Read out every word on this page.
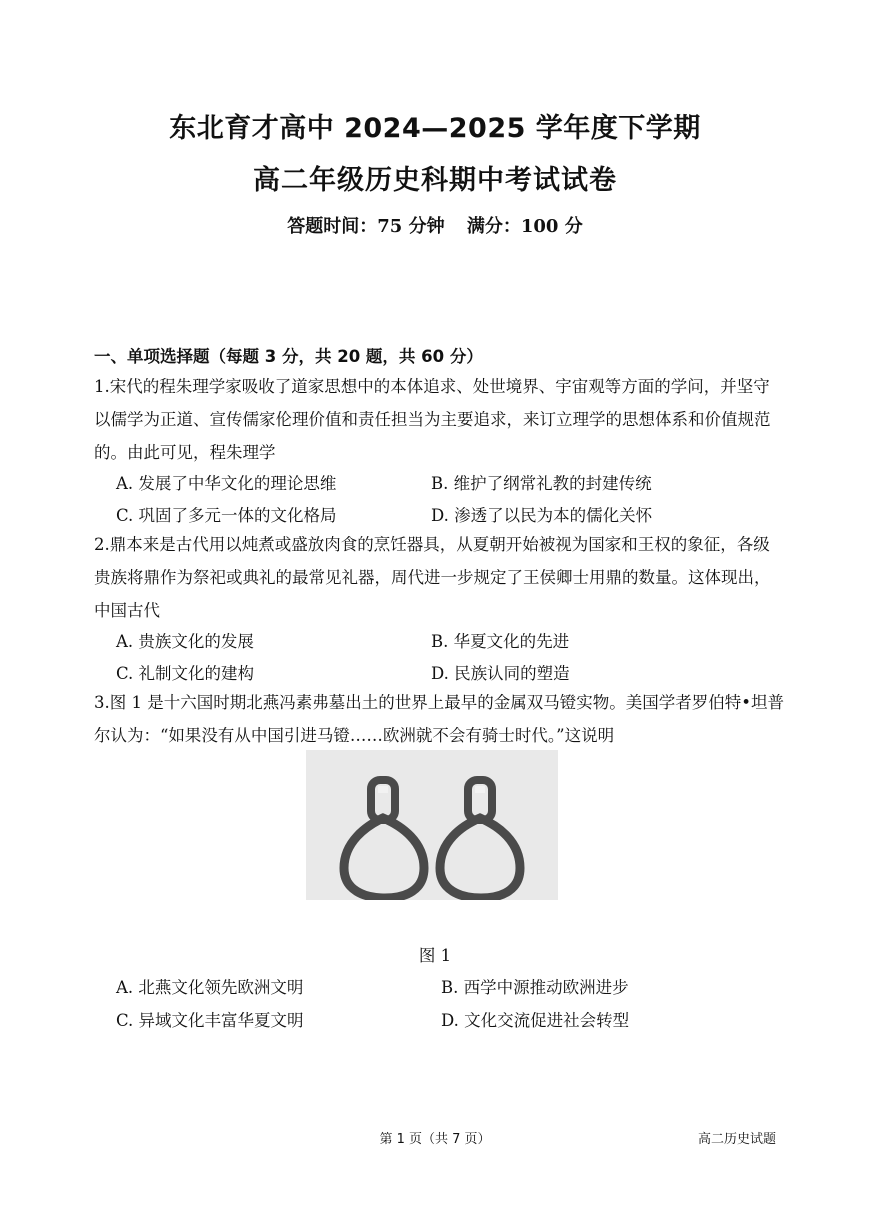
东北育才高中 2024—2025 学年度下学期
高二年级历史科期中考试试卷
答题时间：75 分钟 满分：100 分
一、单项选择题（每题 3 分，共 20 题，共 60 分）
1.宋代的程朱理学家吸收了道家思想中的本体追求、处世境界、宇宙观等方面的学问，并坚守以儒学为正道、宣传儒家伦理价值和责任担当为主要追求，来订立理学的思想体系和价值规范的。由此可见，程朱理学
A. 发展了中华文化的理论思维	B. 维护了纲常礼教的封建传统
C. 巩固了多元一体的文化格局	D. 渗透了以民为本的儒化关怀
2.鼎本来是古代用以炖煮或盛放肉食的烹饪器具，从夏朝开始被视为国家和王权的象征，各级贵族将鼎作为祭祀或典礼的最常见礼器，周代进一步规定了王侯卿士用鼎的数量。这体现出，中国古代
A. 贵族文化的发展	B. 华夏文化的先进
C. 礼制文化的建构	D. 民族认同的塑造
3.图 1 是十六国时期北燕冯素弗墓出土的世界上最早的金属双马镫实物。美国学者罗伯特•坦普尔认为：“如果没有从中国引进马镫……欧洲就不会有骑士时代。”这说明
图 1
A. 北燕文化领先欧洲文明	B. 西学中源推动欧洲进步
C. 异域文化丰富华夏文明	D. 文化交流促进社会转型
第 1 页（共 7 页）	高二历史试题
